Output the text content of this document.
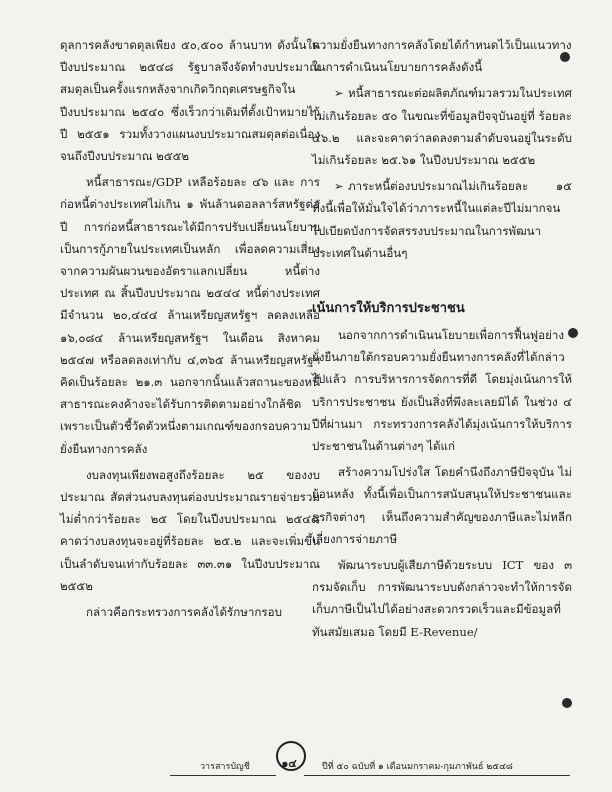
ดุลการคลังขาดดุลเพียง ๕๐,๕๐๐ ล้านบาท ดังนั้นในปีงบประมาณ ๒๕๔๘ รัฐบาลจึงจัดทำงบประมาณสมดุลเป็นครั้งแรกหลังจากเกิดวิกฤตเศรษฐกิจในปีงบประมาณ ๒๕๔๐ ซึ่งเร็วกว่าเดิมที่ตั้งเป้าหมายไว้ปี ๒๕๕๑ รวมทั้งวางแผนงบประมาณสมดุลต่อเนื่องจนถึงปีงบประมาณ ๒๕๕๒

หนี้สาธารณะ/GDP เหลือร้อยละ ๔๖ และ การก่อหนี้ต่างประเทศไม่เกิน ๑ พันล้านดอลลาร์สหรัฐต่อปี การก่อหนี้สาธารณะได้มีการปรับเปลี่ยนนโยบายเป็นการกู้ภายในประเทศเป็นหลัก เพื่อลดความเสี่ยงจากความผันผวนของอัตราแลกเปลี่ยน หนี้ต่างประเทศ ณ สิ้นปีงบประมาณ ๒๕๔๔ หนี้ต่างประเทศมีจำนวน ๒๐,๔๔๔ ล้านเหรียญสหรัฐฯ ลดลงเหลือ ๑๖,๐๘๔ ล้านเหรียญสหรัฐฯ ในเดือน สิงหาคม ๒๕๔๗ หรือลดลงเท่ากับ ๔,๓๖๕ ล้านเหรียญสหรัฐฯ คิดเป็นร้อยละ ๒๑.๓ นอกจากนั้นแล้วสถานะของหนี้สาธารณะคงค้างจะได้รับการติดตามอย่างใกล้ชิดเพราะเป็นตัวชี้วัดตัวหนึ่งตามเกณฑ์ของกรอบความยั่งยืนทางการคลัง

งบลงทุนเพียงพอสูงถึงร้อยละ ๒๕ ของงบประมาณ สัดส่วนงบลงทุนต่องบประมาณรายจ่ายรวมไม่ต่ำกว่าร้อยละ ๒๕ โดยในปีงบประมาณ ๒๕๔๘ คาดว่างบลงทุนจะอยู่ที่ร้อยละ ๒๕.๒ และจะเพิ่มขึ้นเป็นลำดับจนเท่ากับร้อยละ ๓๓.๓๑ ในปีงบประมาณ ๒๕๕๒

กล่าวคือกระทรวงการคลังได้รักษากรอบ

ความยั่งยืนทางการคลังโดยได้กำหนดไว้เป็นแนวทางในการดำเนินนโยบายการคลังดังนี้

➢ หนี้สาธารณะต่อผลิตภัณฑ์มวลรวมในประเทศไม่เกินร้อยละ ๕๐ ในขณะที่ข้อมูลปัจจุบันอยู่ที่ ร้อยละ ๔๖.๒ และจะคาดว่าลดลงตามลำดับจนอยู่ในระดับไม่เกินร้อยละ ๒๕.๖๑ ในปีงบประมาณ ๒๕๕๒

➢ ภาระหนี้ต่องบประมาณไม่เกินร้อยละ ๑๕ ทั้งนี้เพื่อให้มั่นใจได้ว่าภาระหนี้ในแต่ละปีไม่มากจนไปเบียดบังการจัดสรรงบประมาณในการพัฒนาประเทศในด้านอื่นๆ

เน้นการให้บริการประชาชน

นอกจากการดำเนินนโยบายเพื่อการฟื้นฟูอย่างยั่งยืนภายใต้กรอบความยั่งยืนทางการคลังที่ได้กล่าวไปแล้ว การบริหารการจัดการที่ดี โดยมุ่งเน้นการให้บริการประชาชน ยังเป็นสิ่งที่พึงละเลยมิได้ ในช่วง ๔ ปีที่ผ่านมา กระทรวงการคลังได้มุ่งเน้นการให้บริการประชาชนในด้านต่างๆ ได้แก่

สร้างความโปร่งใส โดยคำนึงถึงภาษีปัจจุบัน ไม่ย้อนหลัง ทั้งนี้เพื่อเป็นการสนับสนุนให้ประชาชนและธุรกิจต่างๆ เห็นถึงความสำคัญของภาษีและไม่หลีกเลี่ยงการจ่ายภาษี

พัฒนาระบบผู้เสียภาษีด้วยระบบ ICT ของ ๓ กรมจัดเก็บ การพัฒนาระบบดังกล่าวจะทำให้การจัดเก็บภาษีเป็นไปได้อย่างสะดวกรวดเร็วและมีข้อมูลที่ทันสมัยเสมอ โดยมี E-Revenue/

๑๔
วารสารบัญชี	ปีที่ ๕๐ ฉบับที่ ๑ เดือนมกราคม-กุมภาพันธ์ ๒๕๔๘
